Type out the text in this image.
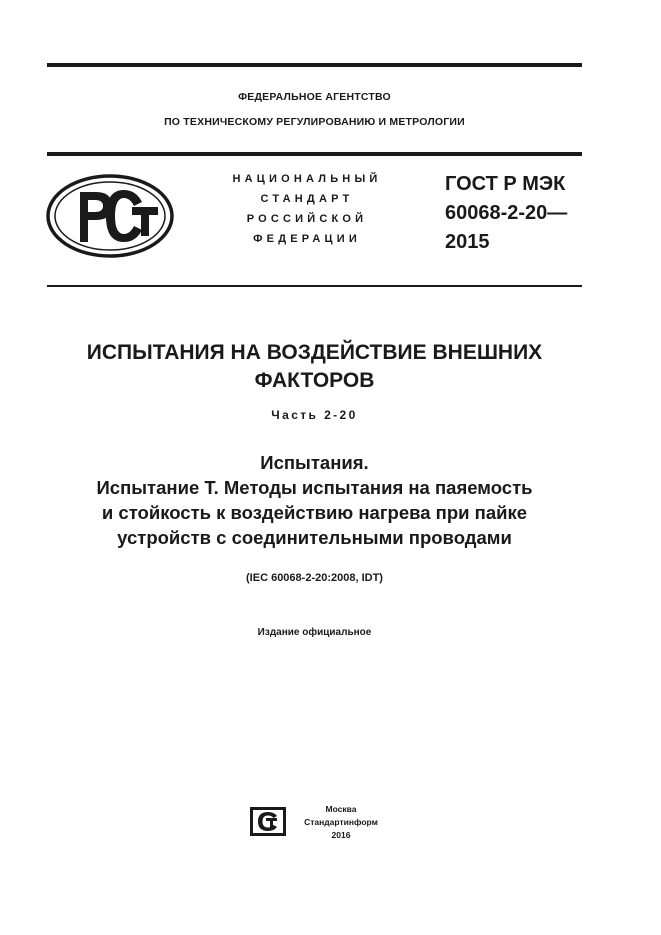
ФЕДЕРАЛЬНОЕ АГЕНТСТВО
ПО ТЕХНИЧЕСКОМУ РЕГУЛИРОВАНИЮ И МЕТРОЛОГИИ
НАЦИОНАЛЬНЫЙ
СТАНДАРТ
РОССИЙСКОЙ
ФЕДЕРАЦИИ
ГОСТ Р МЭК
60068-2-20—
2015
ИСПЫТАНИЯ НА ВОЗДЕЙСТВИЕ ВНЕШНИХ
ФАКТОРОВ
Часть 2-20
Испытания.
Испытание T. Методы испытания на паяемость
и стойкость к воздействию нагрева при пайке
устройств с соединительными проводами
(IEC 60068-2-20:2008, IDT)
Издание официальное
Москва
Стандартинформ
2016
